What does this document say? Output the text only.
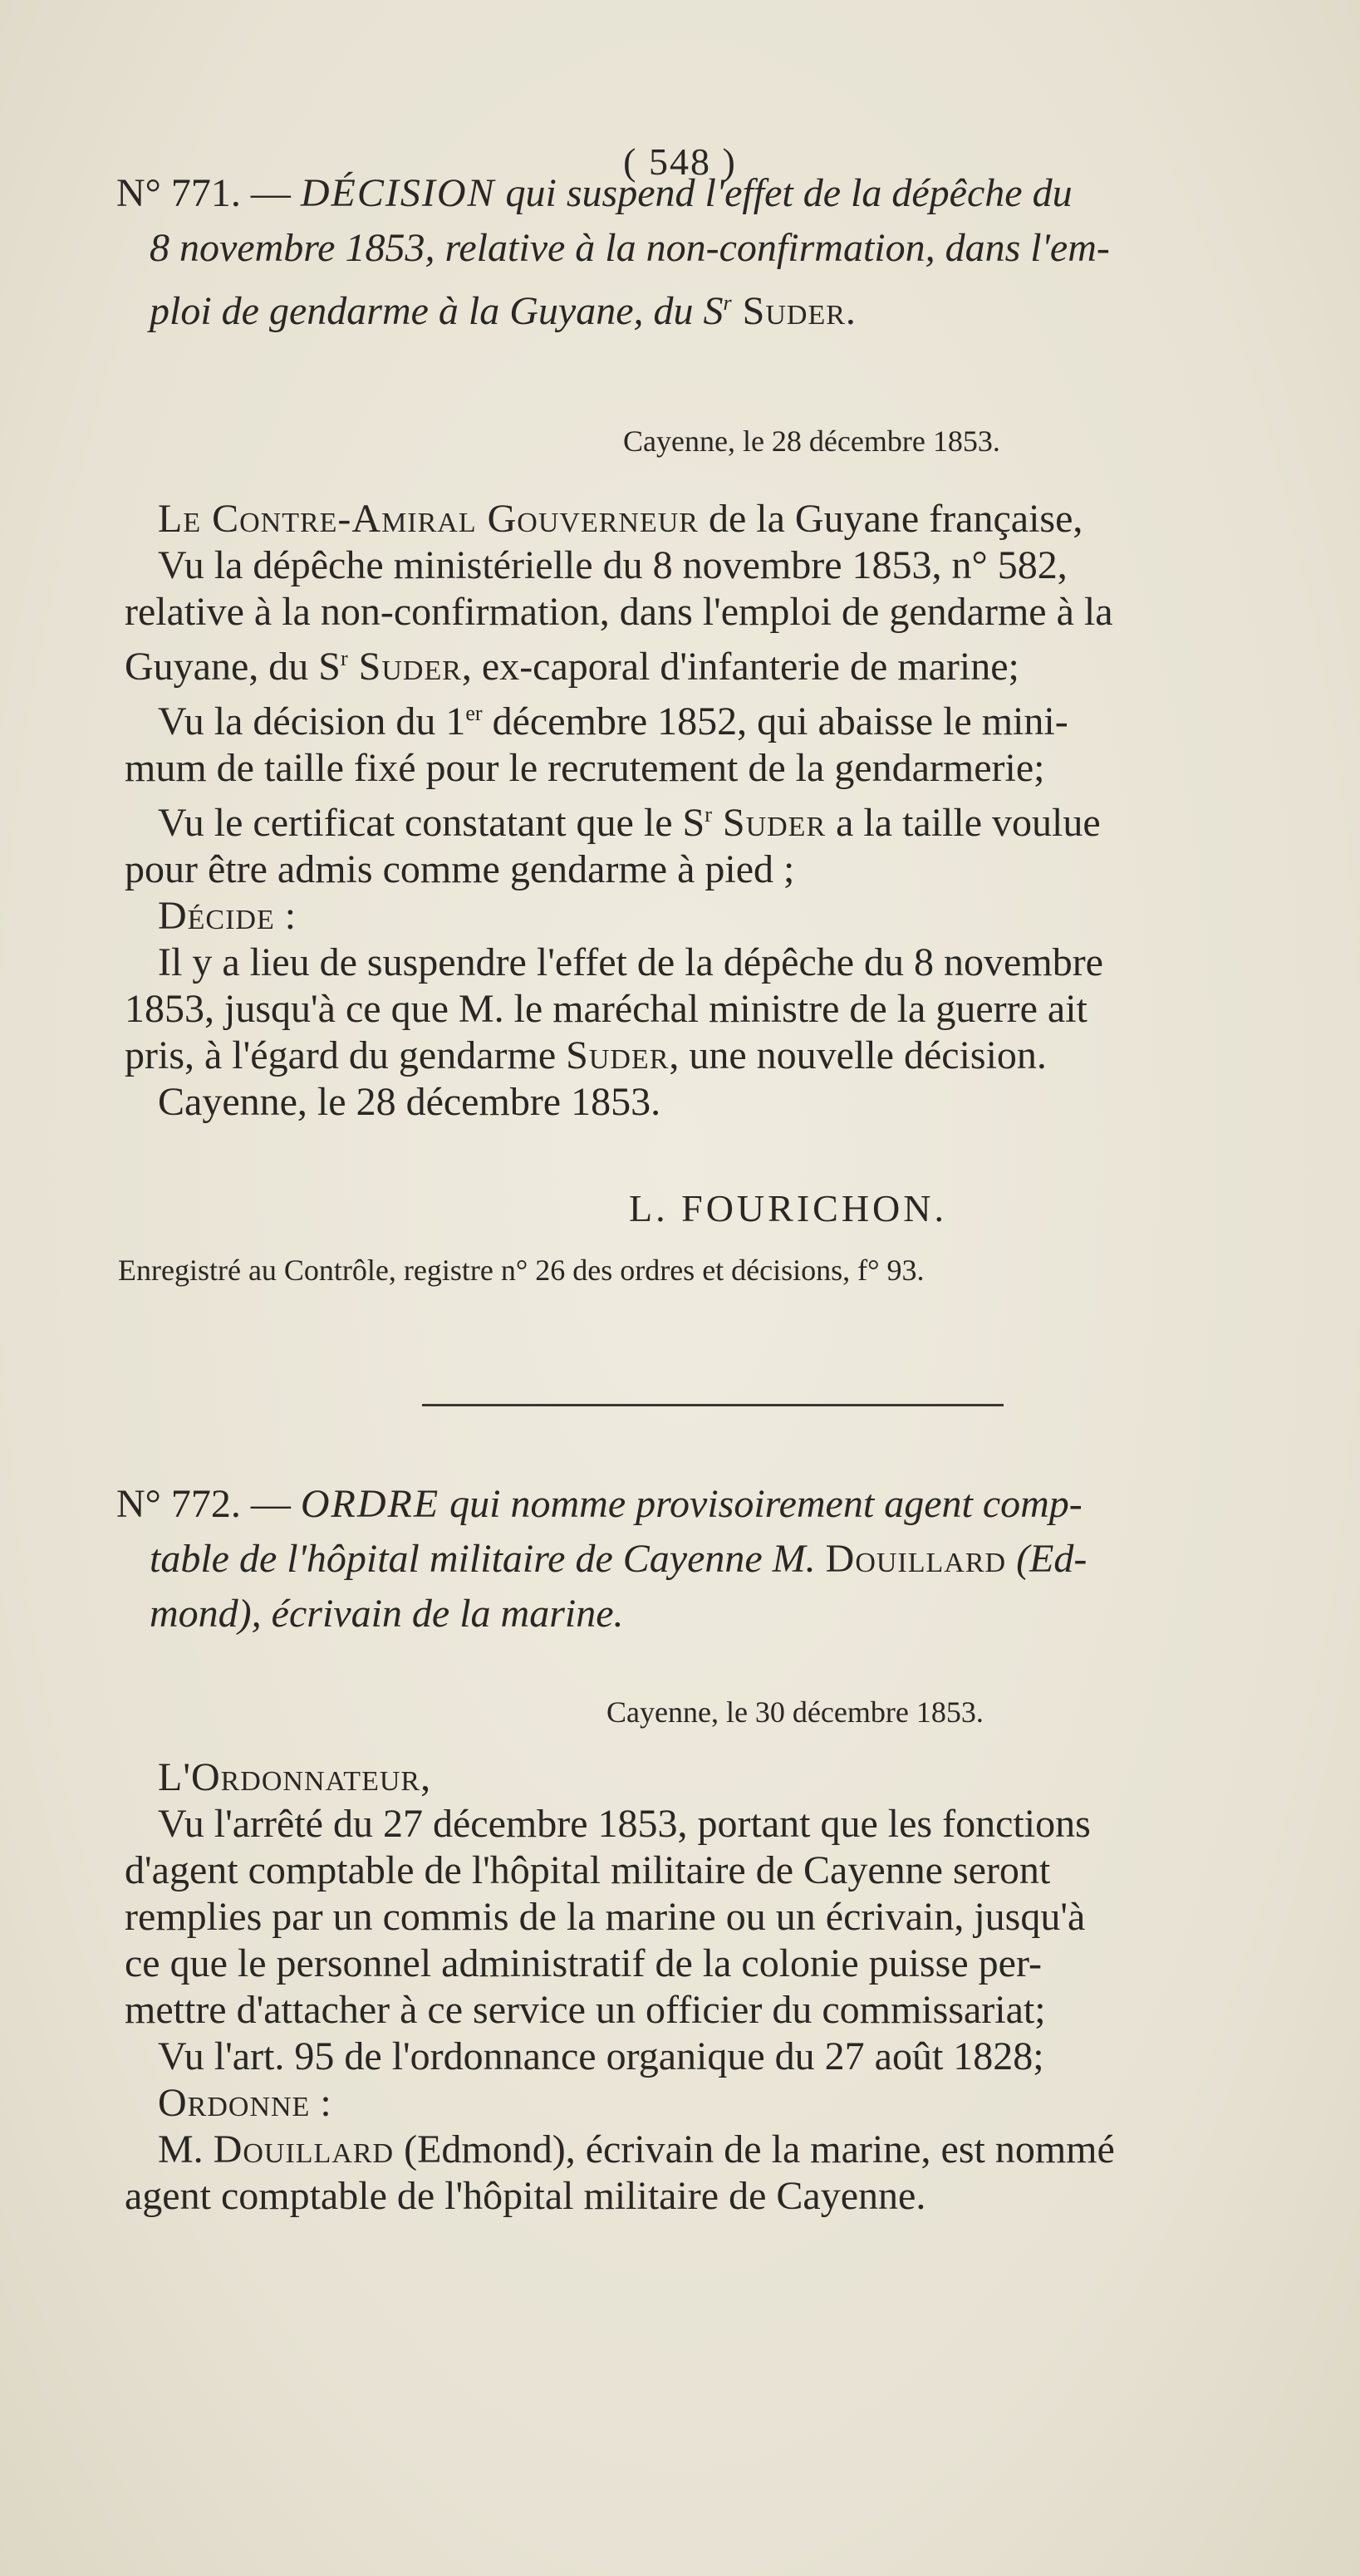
( 548 )
N° 771. — DÉCISION qui suspend l'effet de la dépêche du
8 novembre 1853, relative à la non-confirmation, dans l'em-
ploi de gendarme à la Guyane, du $S^r$ Suder.
Cayenne, le 28 décembre 1853.
Le Contre-Amiral Gouverneur de la Guyane française,
Vu la dépêche ministérielle du 8 novembre 1853, n° 582,
relative à la non-confirmation, dans l'emploi de gendarme à la
Guyane, du $S^r$ Suder, ex-caporal d'infanterie de marine;
Vu la décision du 1er décembre 1852, qui abaisse le mini-
mum de taille fixé pour le recrutement de la gendarmerie;
Vu le certificat constatant que le $S^r$ Suder a la taille voulue
pour être admis comme gendarme à pied ;
Décide :
Il y a lieu de suspendre l'effet de la dépêche du 8 novembre
1853, jusqu'à ce que M. le maréchal ministre de la guerre ait
pris, à l'égard du gendarme Suder, une nouvelle décision.
Cayenne, le 28 décembre 1853.
L. FOURICHON.
Enregistré au Contrôle, registre n° 26 des ordres et décisions, f° 93.
N° 772. — ORDRE qui nomme provisoirement agent comp-
table de l'hôpital militaire de Cayenne M. Douillard (Ed-
mond), écrivain de la marine.
Cayenne, le 30 décembre 1853.
L'Ordonnateur,
Vu l'arrêté du 27 décembre 1853, portant que les fonctions
d'agent comptable de l'hôpital militaire de Cayenne seront
remplies par un commis de la marine ou un écrivain, jusqu'à
ce que le personnel administratif de la colonie puisse per-
mettre d'attacher à ce service un officier du commissariat;
Vu l'art. 95 de l'ordonnance organique du 27 août 1828;
Ordonne :
M. Douillard (Edmond), écrivain de la marine, est nommé
agent comptable de l'hôpital militaire de Cayenne.
